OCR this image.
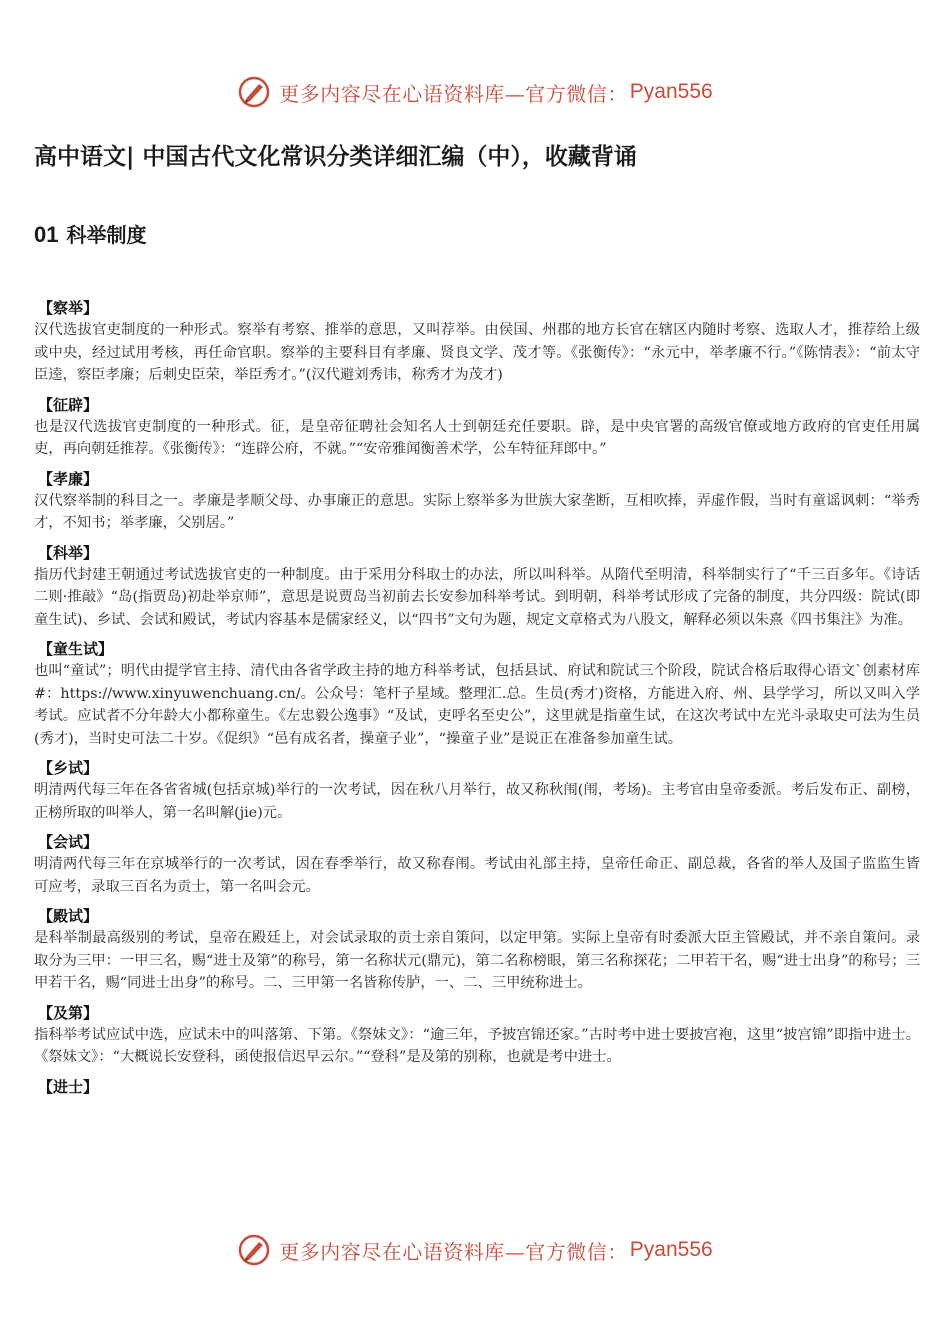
更多内容尽在心语资料库—官方微信： Pyan556
高中语文| 中国古代文化常识分类详细汇编（中），收藏背诵
01 科举制度

【察举】

汉代选拔官吏制度的一种形式。察举有考察、推举的意思，又叫荐举。由侯国、州郡的地方长官在辖区内随时考察、选取人才，推荐给上级或中央，经过试用考核，再任命官职。察举的主要科目有孝廉、贤良文学、茂才等。《张衡传》：“永元中，举孝廉不行。”《陈情表》：“前太守臣逵，察臣孝廉；后刺史臣荣，举臣秀才。”(汉代避刘秀讳，称秀才为茂才)

【征辟】

也是汉代选拔官吏制度的一种形式。征，是皇帝征聘社会知名人士到朝廷充任要职。辟，是中央官署的高级官僚或地方政府的官吏任用属吏，再向朝廷推荐。《张衡传》：“连辟公府，不就。”“安帝雅闻衡善术学，公车特征拜郎中。”

【孝廉】

汉代察举制的科目之一。孝廉是孝顺父母、办事廉正的意思。实际上察举多为世族大家垄断，互相吹捧，弄虚作假，当时有童谣讽刺：“举秀才，不知书；举孝廉，父别居。”

【科举】

指历代封建王朝通过考试选拔官吏的一种制度。由于采用分科取士的办法，所以叫科举。从隋代至明清，科举制实行了“千三百多年。《诗话二则·推敲》“岛(指贾岛)初赴举京师”，意思是说贾岛当初前去长安参加科举考试。到明朝，科举考试形成了完备的制度，共分四级：院试(即童生试)、乡试、会试和殿试，考试内容基本是儒家经义，以“四书”文句为题，规定文章格式为八股文，解释必须以朱熹《四书集注》为准。

【童生试】

也叫“童试”；明代由提学官主持、清代由各省学政主持的地方科举考试，包括县试、府试和院试三个阶段，院试合格后取得心语文`创素材库#：https://www.xinyuwenchuang.cn/。公众号：笔杆子星域。整理汇.总。生员(秀才)资格，方能进入府、州、县学学习，所以又叫入学考试。应试者不分年龄大小都称童生。《左忠毅公逸事》“及试，吏呼名至史公”，这里就是指童生试，在这次考试中左光斗录取史可法为生员(秀才)，当时史可法二十岁。《促织》“邑有成名者，操童子业”，“操童子业”是说正在准备参加童生试。

【乡试】

明清两代每三年在各省省城(包括京城)举行的一次考试，因在秋八月举行，故又称秋闱(闱，考场)。主考官由皇帝委派。考后发布正、副榜，正榜所取的叫举人，第一名叫解(jie)元。

【会试】

明清两代每三年在京城举行的一次考试，因在春季举行，故又称春闱。考试由礼部主持，皇帝任命正、副总裁，各省的举人及国子监监生皆可应考，录取三百名为贡士，第一名叫会元。

【殿试】

是科举制最高级别的考试，皇帝在殿廷上，对会试录取的贡士亲自策问，以定甲第。实际上皇帝有时委派大臣主管殿试，并不亲自策问。录取分为三甲：一甲三名，赐“进士及第”的称号，第一名称状元(鼎元)，第二名称榜眼，第三名称探花；二甲若干名，赐“进士出身”的称号；三甲若干名，赐“同进士出身”的称号。二、三甲第一名皆称传胪，一、二、三甲统称进士。

【及第】

指科举考试应试中选，应试未中的叫落第、下第。《祭妹文》：“逾三年，予披宫锦还家。”古时考中进士要披宫袍，这里“披宫锦”即指中进士。《祭妹文》：“大概说长安登科，函使报信迟早云尔。”“登科”是及第的别称，也就是考中进士。

【进士】

更多内容尽在心语资料库—官方微信： Pyan556
